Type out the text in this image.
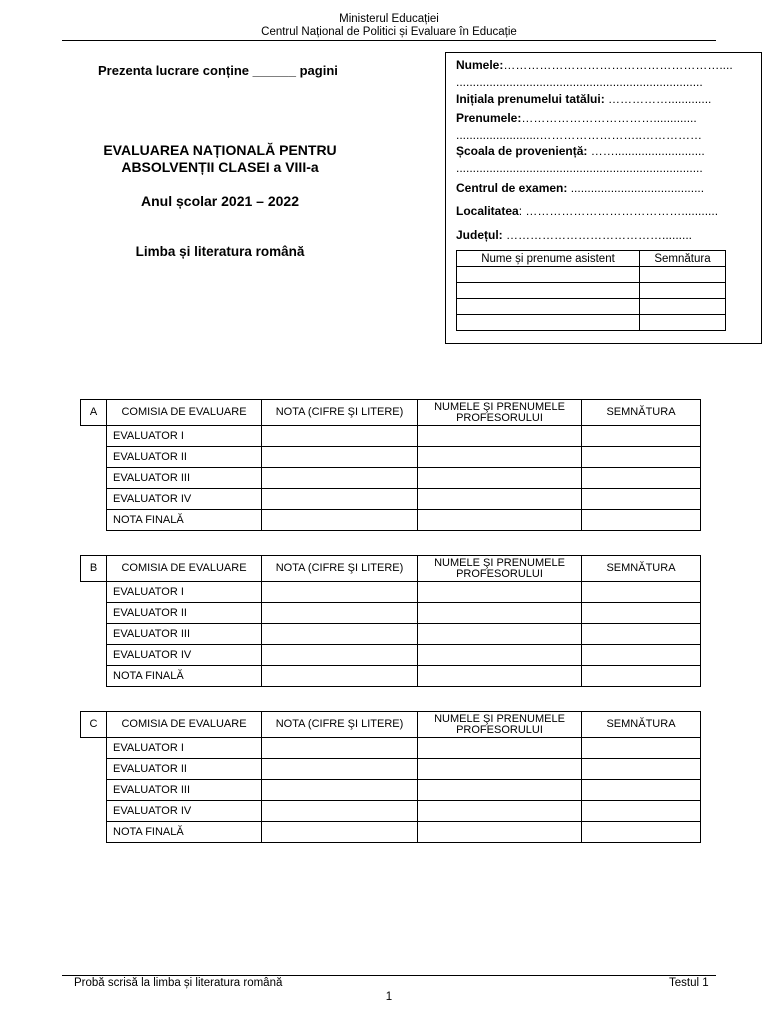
Ministerul Educației
Centrul Național de Politici și Evaluare în Educație
Prezenta lucrare conține ______ pagini
EVALUAREA NAȚIONALĂ PENTRU
ABSOLVENȚII CLASEI a VIII-a
Anul școlar 2021 – 2022
Limba și literatura română
Numele:………………………………………………....
..........................................................................
Inițiala prenumelui tatălui: …………….............
Prenumele:…………………………….............
.........................……………………..……………
Școala de proveniență: ……...........................
..........................................................................
Centrul de examen: ........................................
Localitatea: …………………………………...........
Județul: ………………………………….........
Nume și prenume asistent	Semnătura

A	COMISIA DE EVALUARE	NOTA (CIFRE ŞI LITERE)	NUMELE ŞI PRENUMELE PROFESORULUI	SEMNĂTURA
	EVALUATOR I			
	EVALUATOR II			
	EVALUATOR III			
	EVALUATOR IV			
	NOTA FINALĂ			
B	COMISIA DE EVALUARE	NOTA (CIFRE ŞI LITERE)	NUMELE ŞI PRENUMELE PROFESORULUI	SEMNĂTURA
	EVALUATOR I			
	EVALUATOR II			
	EVALUATOR III			
	EVALUATOR IV			
	NOTA FINALĂ			
C	COMISIA DE EVALUARE	NOTA (CIFRE ŞI LITERE)	NUMELE ŞI PRENUMELE PROFESORULUI	SEMNĂTURA
	EVALUATOR I			
	EVALUATOR II			
	EVALUATOR III			
	EVALUATOR IV			
	NOTA FINALĂ			
Probă scrisă la limba și literatura română	Testul 1
1
